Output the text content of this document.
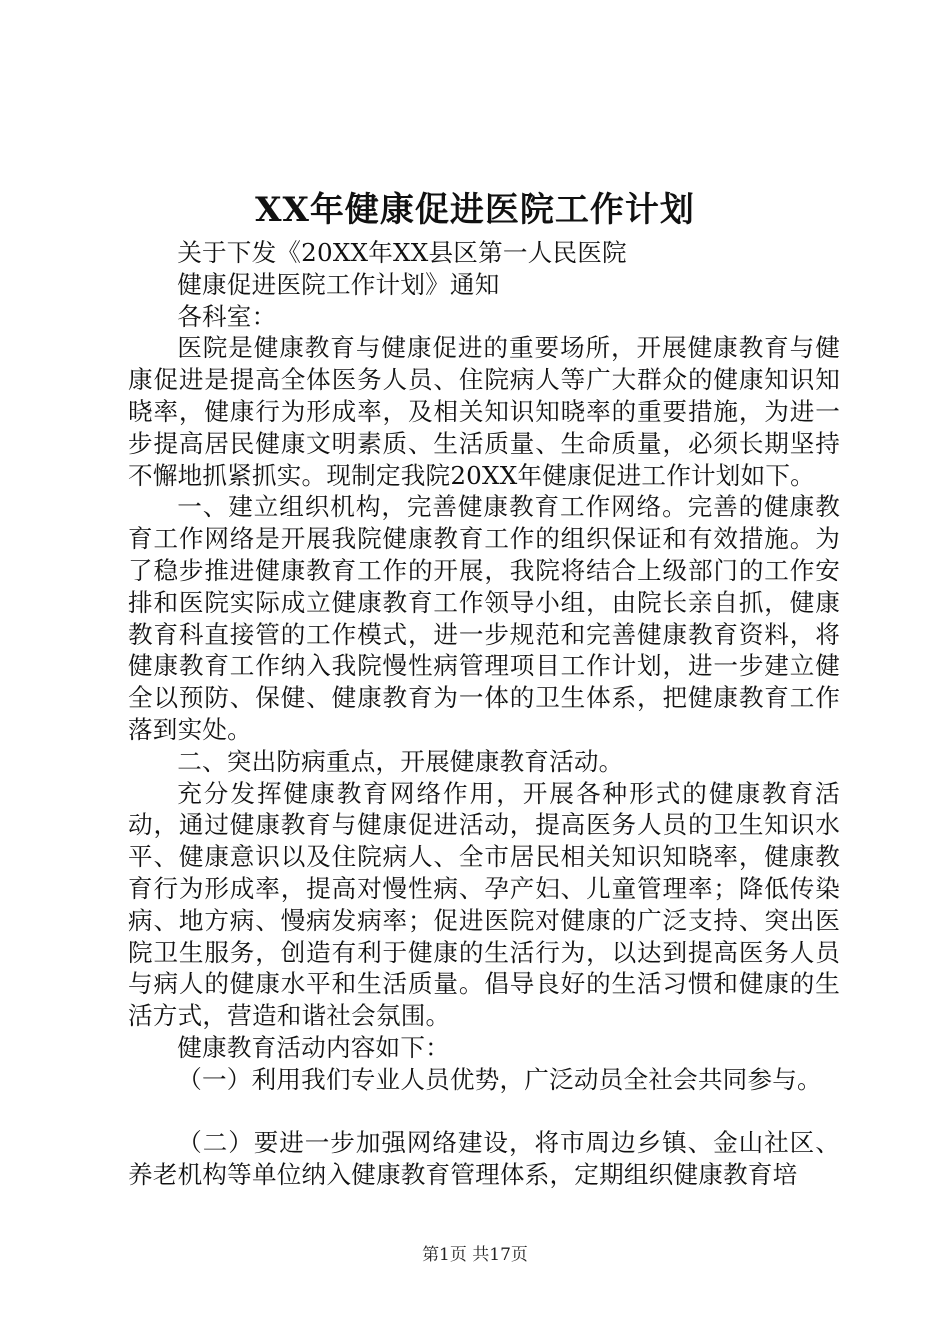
XX年健康促进医院工作计划

关于下发《20XX年XX县区第一人民医院

健康促进医院工作计划》通知

各科室：

医院是健康教育与健康促进的重要场所，开展健康教育与健康促进是提高全体医务人员、住院病人等广大群众的健康知识知晓率，健康行为形成率，及相关知识知晓率的重要措施，为进一步提高居民健康文明素质、生活质量、生命质量，必须长期坚持不懈地抓紧抓实。现制定我院20XX年健康促进工作计划如下。

一、建立组织机构，完善健康教育工作网络。完善的健康教育工作网络是开展我院健康教育工作的组织保证和有效措施。为了稳步推进健康教育工作的开展，我院将结合上级部门的工作安排和医院实际成立健康教育工作领导小组，由院长亲自抓，健康教育科直接管的工作模式，进一步规范和完善健康教育资料，将健康教育工作纳入我院慢性病管理项目工作计划，进一步建立健全以预防、保健、健康教育为一体的卫生体系，把健康教育工作落到实处。

二、突出防病重点，开展健康教育活动。

充分发挥健康教育网络作用，开展各种形式的健康教育活动，通过健康教育与健康促进活动，提高医务人员的卫生知识水平、健康意识以及住院病人、全市居民相关知识知晓率，健康教育行为形成率，提高对慢性病、孕产妇、儿童管理率；降低传染病、地方病、慢病发病率；促进医院对健康的广泛支持、突出医院卫生服务，创造有利于健康的生活行为，以达到提高医务人员与病人的健康水平和生活质量。倡导良好的生活习惯和健康的生活方式，营造和谐社会氛围。

健康教育活动内容如下：

（一）利用我们专业人员优势，广泛动员全社会共同参与。

（二）要进一步加强网络建设，将市周边乡镇、金山社区、养老机构等单位纳入健康教育管理体系，定期组织健康教育培

第1页 共17页
